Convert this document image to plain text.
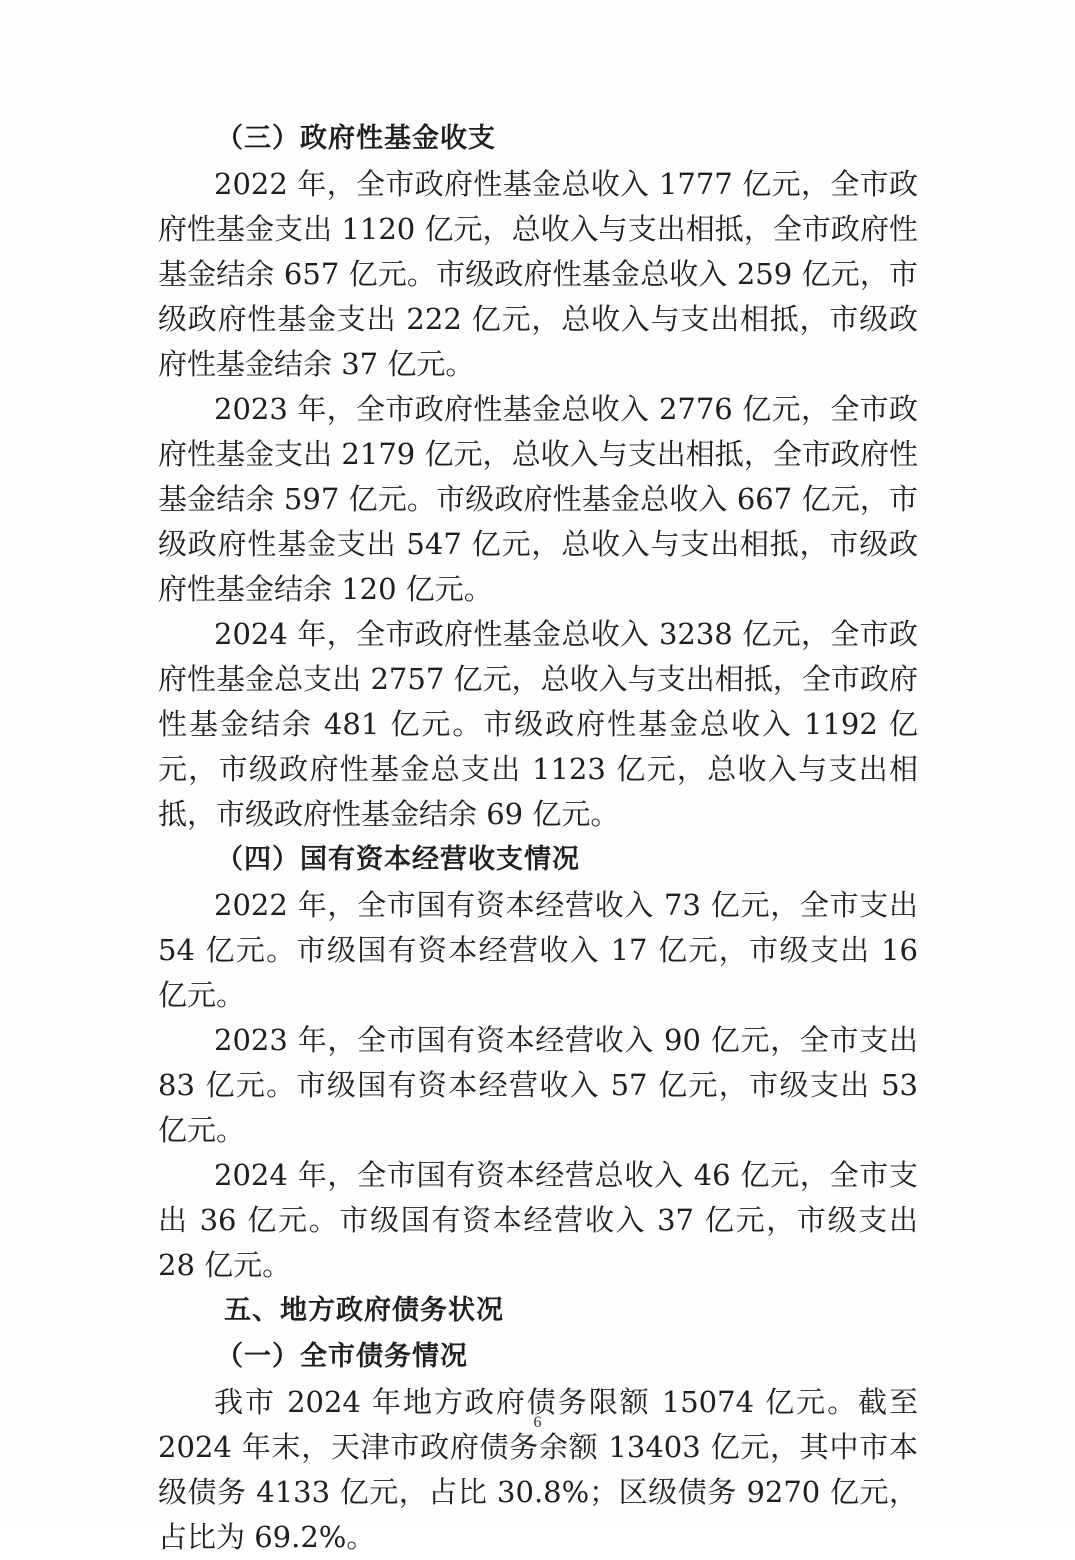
（三）政府性基金收支

2022 年，全市政府性基金总收入 1777 亿元，全市政府性基金支出 1120 亿元，总收入与支出相抵，全市政府性基金结余 657 亿元。市级政府性基金总收入 259 亿元，市级政府性基金支出 222 亿元，总收入与支出相抵，市级政府性基金结余 37 亿元。

2023 年，全市政府性基金总收入 2776 亿元，全市政府性基金支出 2179 亿元，总收入与支出相抵，全市政府性基金结余 597 亿元。市级政府性基金总收入 667 亿元，市级政府性基金支出 547 亿元，总收入与支出相抵，市级政府性基金结余 120 亿元。

2024 年，全市政府性基金总收入 3238 亿元，全市政府性基金总支出 2757 亿元，总收入与支出相抵，全市政府性基金结余 481 亿元。市级政府性基金总收入 1192 亿元，市级政府性基金总支出 1123 亿元，总收入与支出相抵，市级政府性基金结余 69 亿元。

（四）国有资本经营收支情况

2022 年，全市国有资本经营收入 73 亿元，全市支出 54 亿元。市级国有资本经营收入 17 亿元，市级支出 16 亿元。

2023 年，全市国有资本经营收入 90 亿元，全市支出 83 亿元。市级国有资本经营收入 57 亿元，市级支出 53 亿元。

2024 年，全市国有资本经营总收入 46 亿元，全市支出 36 亿元。市级国有资本经营收入 37 亿元，市级支出 28 亿元。

五、地方政府债务状况

（一）全市债务情况

我市 2024 年地方政府债务限额 15074 亿元。截至 2024 年末，天津市政府债务余额 13403 亿元，其中市本级债务 4133 亿元，占比 30.8%；区级债务 9270 亿元，占比为 69.2%。

6
